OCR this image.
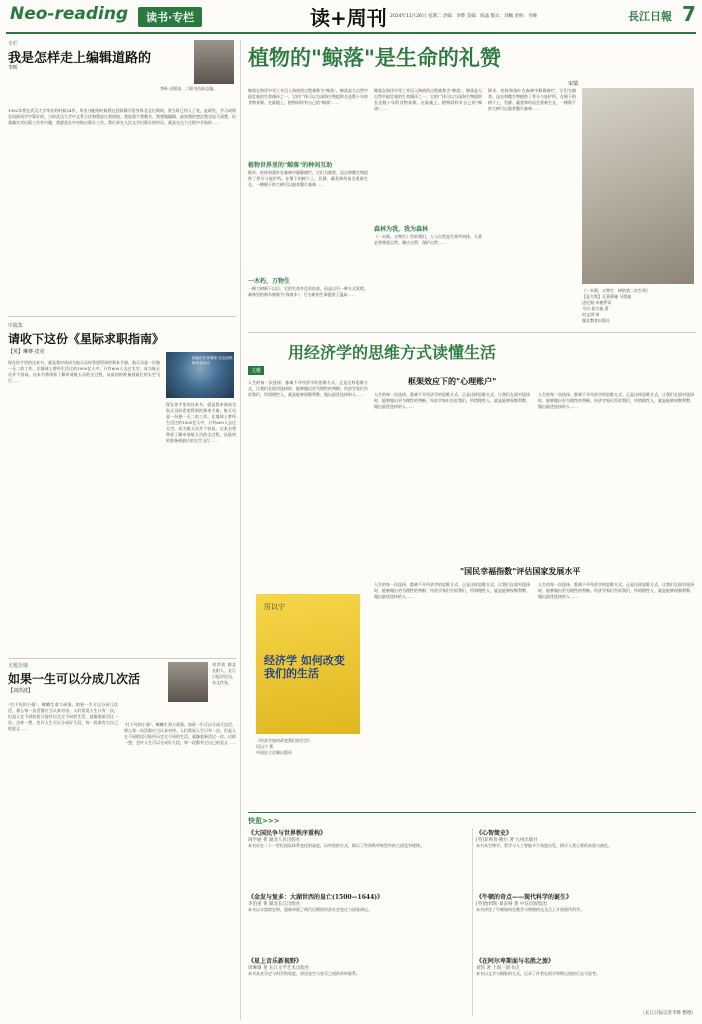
Neo-reading	读书·专栏	读+周刊 2024年11月26日 星期二 责编：李烨 美编：陈晶 版式：刘曦 责校：毛峰	長江日報 7
专栏
我是怎样走上编辑道路的
李昕
李昕 出版家，三联书店前总编。
1982年我在武汉大学毕业的时候24岁，毕业分配的时候我在回原籍学思身界北北长期间，我当时已经入了党，是研究，学习成绩在同班同学中算好的。当时武汉大学中文系主任和我说让我留校，我说我不想教书，我想做编辑。最初我的想法我也说不清楚，但我确实对出版工作有兴趣，我愿意在中央级出版社工作。我后来在人民文学出版社的经历，就是在这个过程中开始的……
序跋集
请收下这份《星际求职指南》
【英】琳赛·皮克
插画由作者琳赛·皮克绘制，格局有改动
现在你手里的这本书，就是我申请成为航天员时希望得到的那本手册。航天员是一份独一无二的工作。在地球上曾经生活过的1000亿人中，只有600人去过太空，成为航天员并不容易。这本书将带你了解申请航天员的全过程，从最初的准备到最后的太空飞行……
现在你手里的这本书，就是我申请成为航天员时希望得到的那本手册。航天员是一份独一无二的工作。在地球上曾经生活过的1000亿人中，只有600人去过太空，成为航天员并不容易。这本书将带你了解申请航天员的全过程，从最初的准备到最后的太空飞行……
无题杂感
如果一生可以分成几次活
【刘洪波】
刘洪波 湖北长阳人，长江日报评论员，杂文作家。
"打不死的小强"，蟑螂生命力顽强。如果一生可以分成几次活，那么每一次活都应当认真对待。人们常说人生只有一次，但是人在不同阶段可能经历完全不同的生活，就像重新活过一次。这样一想，也许人生可以分成好几段，每一段都有它自己的意义……
"打不死的小强"，蟑螂生命力顽强。如果一生可以分成几次活，那么每一次活都应当认真对待。人们常说人生只有一次，但是人在不同阶段可能经历完全不同的生活，就像重新活过一次。这样一想，也许人生可以分成好几段，每一段都有它自己的意义……
植物的"鲸落"是生命的礼赞
宋瑞
鲸落在海洋中死亡并沉入海底的过程被称为"鲸落"。鲸落是大自然中最壮观的生命循环之一，它的尸体可以为深海生物提供长达数十年的食物来源。在陆地上，植物同样有自己的"鲸落"……
植物世界里的"鲸落"的种间互助
倒木、枯枝和落叶在森林中静静腐烂，它们为菌类、昆虫和微生物提供了养分与庇护所。在倒下的树干上，苔藓、蕨类和幼苗会重新生长，一棵倒下的大树可以滋养整片森林……
一木朽，万物生
一棵大树倒下以后，它的生命并没有结束，而是以另一种方式延续。森林里的倒木被称为"保育木"，它为新的生命提供了温床……
鲸落在海洋中死亡并沉入海底的过程被称为"鲸落"。鲸落是大自然中最壮观的生命循环之一，它的尸体可以为深海生物提供长达数十年的食物来源。在陆地上，植物同样有自己的"鲸落"……
森林为我，我为森林
《一木倒，万物生》告诉我们，人与自然是生命共同体，人类必须尊重自然、顺应自然、保护自然……
倒木、枯枝和落叶在森林中静静腐烂，它们为菌类、昆虫和微生物提供了养分与庇护所。在倒下的树干上，苔藓、蕨类和幼苗会重新生长，一棵倒下的大树可以滋养整片森林……
《一木倒，万物生：树的第二次生命》
【意大利】瓦莱莉娅·马塔迪
达尼奥·米塞罗蒂
马切·莫尔迪 著
何文琪 译
湖北教育出版社
用经济学的思维方式读懂生活
文雅
人生的每一次选择，都离不开经济学的思维方式。正是这样思维方式，让我们在面对选择时，能够做出更为理性的判断。经济学家们告诉我们，所谓理性人，就是能够权衡利弊、做出最优选择的人……
经济学 如何改变 我们的生活
厉以宁
《经济学如何改变我们的生活》
厉以宁 著
中国民主法制出版社
框架效应下的"心理账户"
人生的每一次选择，都离不开经济学的思维方式。正是这样思维方式，让我们在面对选择时，能够做出更为理性的判断。经济学家们告诉我们，所谓理性人，就是能够权衡利弊、做出最优选择的人……
人生的每一次选择，都离不开经济学的思维方式。正是这样思维方式，让我们在面对选择时，能够做出更为理性的判断。经济学家们告诉我们，所谓理性人，就是能够权衡利弊、做出最优选择的人……
"国民幸福指数"评估国家发展水平
人生的每一次选择，都离不开经济学的思维方式。正是这样思维方式，让我们在面对选择时，能够做出更为理性的判断。经济学家们告诉我们，所谓理性人，就是能够权衡利弊、做出最优选择的人……
人生的每一次选择，都离不开经济学的思维方式。正是这样思维方式，让我们在面对选择时，能够做出更为理性的判断。经济学家们告诉我们，所谓理性人，就是能够权衡利弊、做出最优选择的人……
快览>>>
《大国民争与世界秩序重构》
阎学通 著 湖北人民出版社
本书站在二十一世纪国际体系变化的高度，以经验的方式，揭示了世界秩序转型中的大国竞争规律。
《金发与复多：大湖世西的皇亡(1500—1644)》
李伯重 著 湖北长江出版社
本书以丰富的史料，重新审视了明代后期的经济社会变迁与国家命运。
《星上音乐新视野》
周琳珊 著 长江文学艺术出版社
本书从音乐史与科学的角度，讲述星空与音乐之间的奇妙联系。
《心智简史》
[英]菲利普·鲍尔 著 九州出版社
本书从生物学、哲学与人工智能多个角度出发，探讨人类心智的本质与演化。
《牛顿的奇点——现代科学的诞生》
[英]詹姆斯·葛雷格 著 中信出版集团
本书讲述了牛顿如何在数学与物理的交叉点上开创现代科学。
《在阿尔卑斯面与名胜之旅》
刘凯 著 上海三联书店
本书以文学与摄影的方式，记录了作者在阿尔卑斯山间的行走与思考。
（长江日报记者李烨 整理）
